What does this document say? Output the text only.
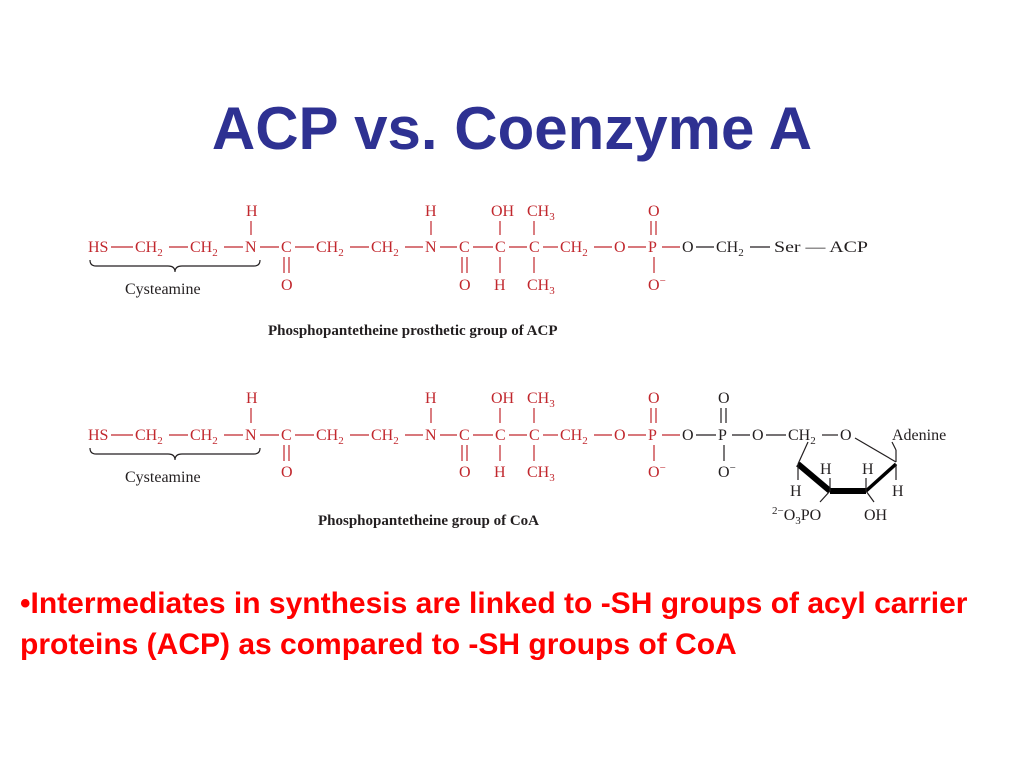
ACP vs. Coenzyme A
HS $CH_2$ $CH_2$ N
H
C
O
$CH_2$ $CH_2$ N
H
C
O
C
OH
H
C
$CH_3$
$CH_3$
$CH_2$ O P
O
O−
O $CH_2$ Ser — ACP
Cysteamine
Phosphopantetheine prosthetic group of ACP
HS $CH_2$ $CH_2$ N
H
C
O
$CH_2$ $CH_2$ N
H
C
O
C
OH
H
C
$CH_3$
$CH_3$
$CH_2$ O P
O
O−
O P
O
O−
O $CH_2$ O	Adenine
H H
H	H
$^{2-}O_3PO$	OH
Cysteamine
Phosphopantetheine group of CoA

•Intermediates in synthesis are linked to -SH groups of acyl carrier proteins (ACP) as compared to -SH groups of CoA
